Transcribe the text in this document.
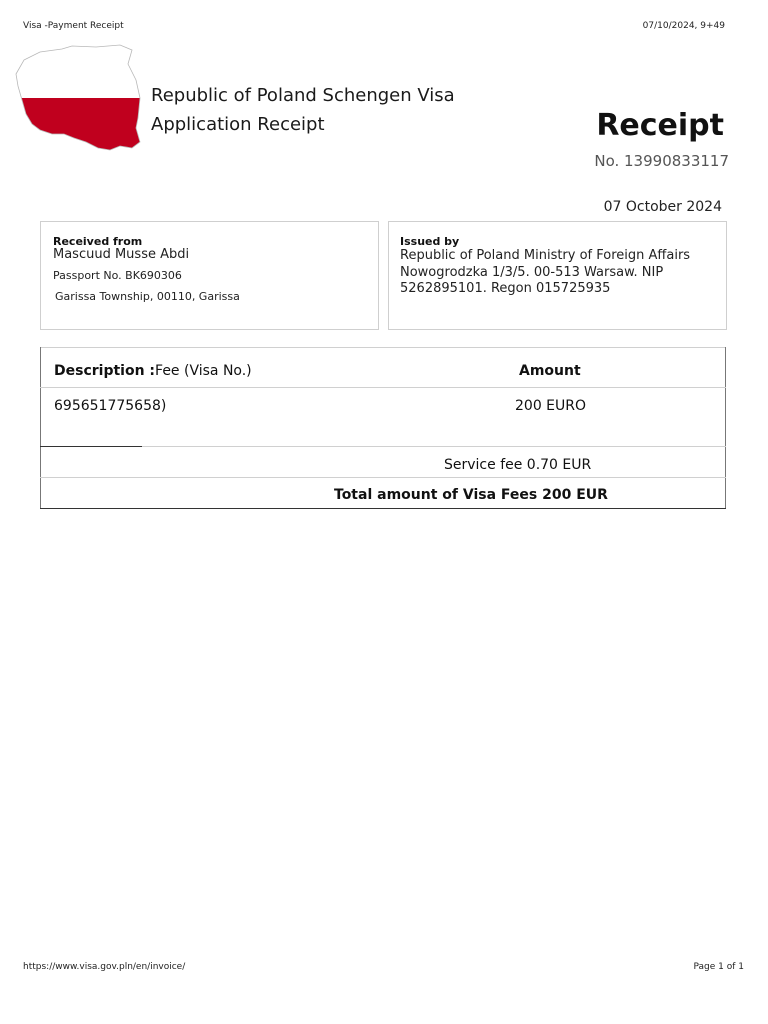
Visa -Payment Receipt	07/10/2024, 9+49
Republic of Poland Schengen Visa
Application Receipt	Receipt
No. 13990833117
07 October 2024
Received from
Mascuud Musse Abdi
Passport No. BK690306
Garissa Township, 00110, Garissa
Issued by
Republic of Poland Ministry of Foreign Affairs
Nowogrodzka 1/3/5. 00-513 Warsaw. NIP
5262895101. Regon 015725935
Description :Fee (Visa No.)	Amount
695651775658)	200 EURO
Service fee 0.70 EUR
Total amount of Visa Fees 200 EUR
https://www.visa.gov.pln/en/invoice/	Page 1 of 1
